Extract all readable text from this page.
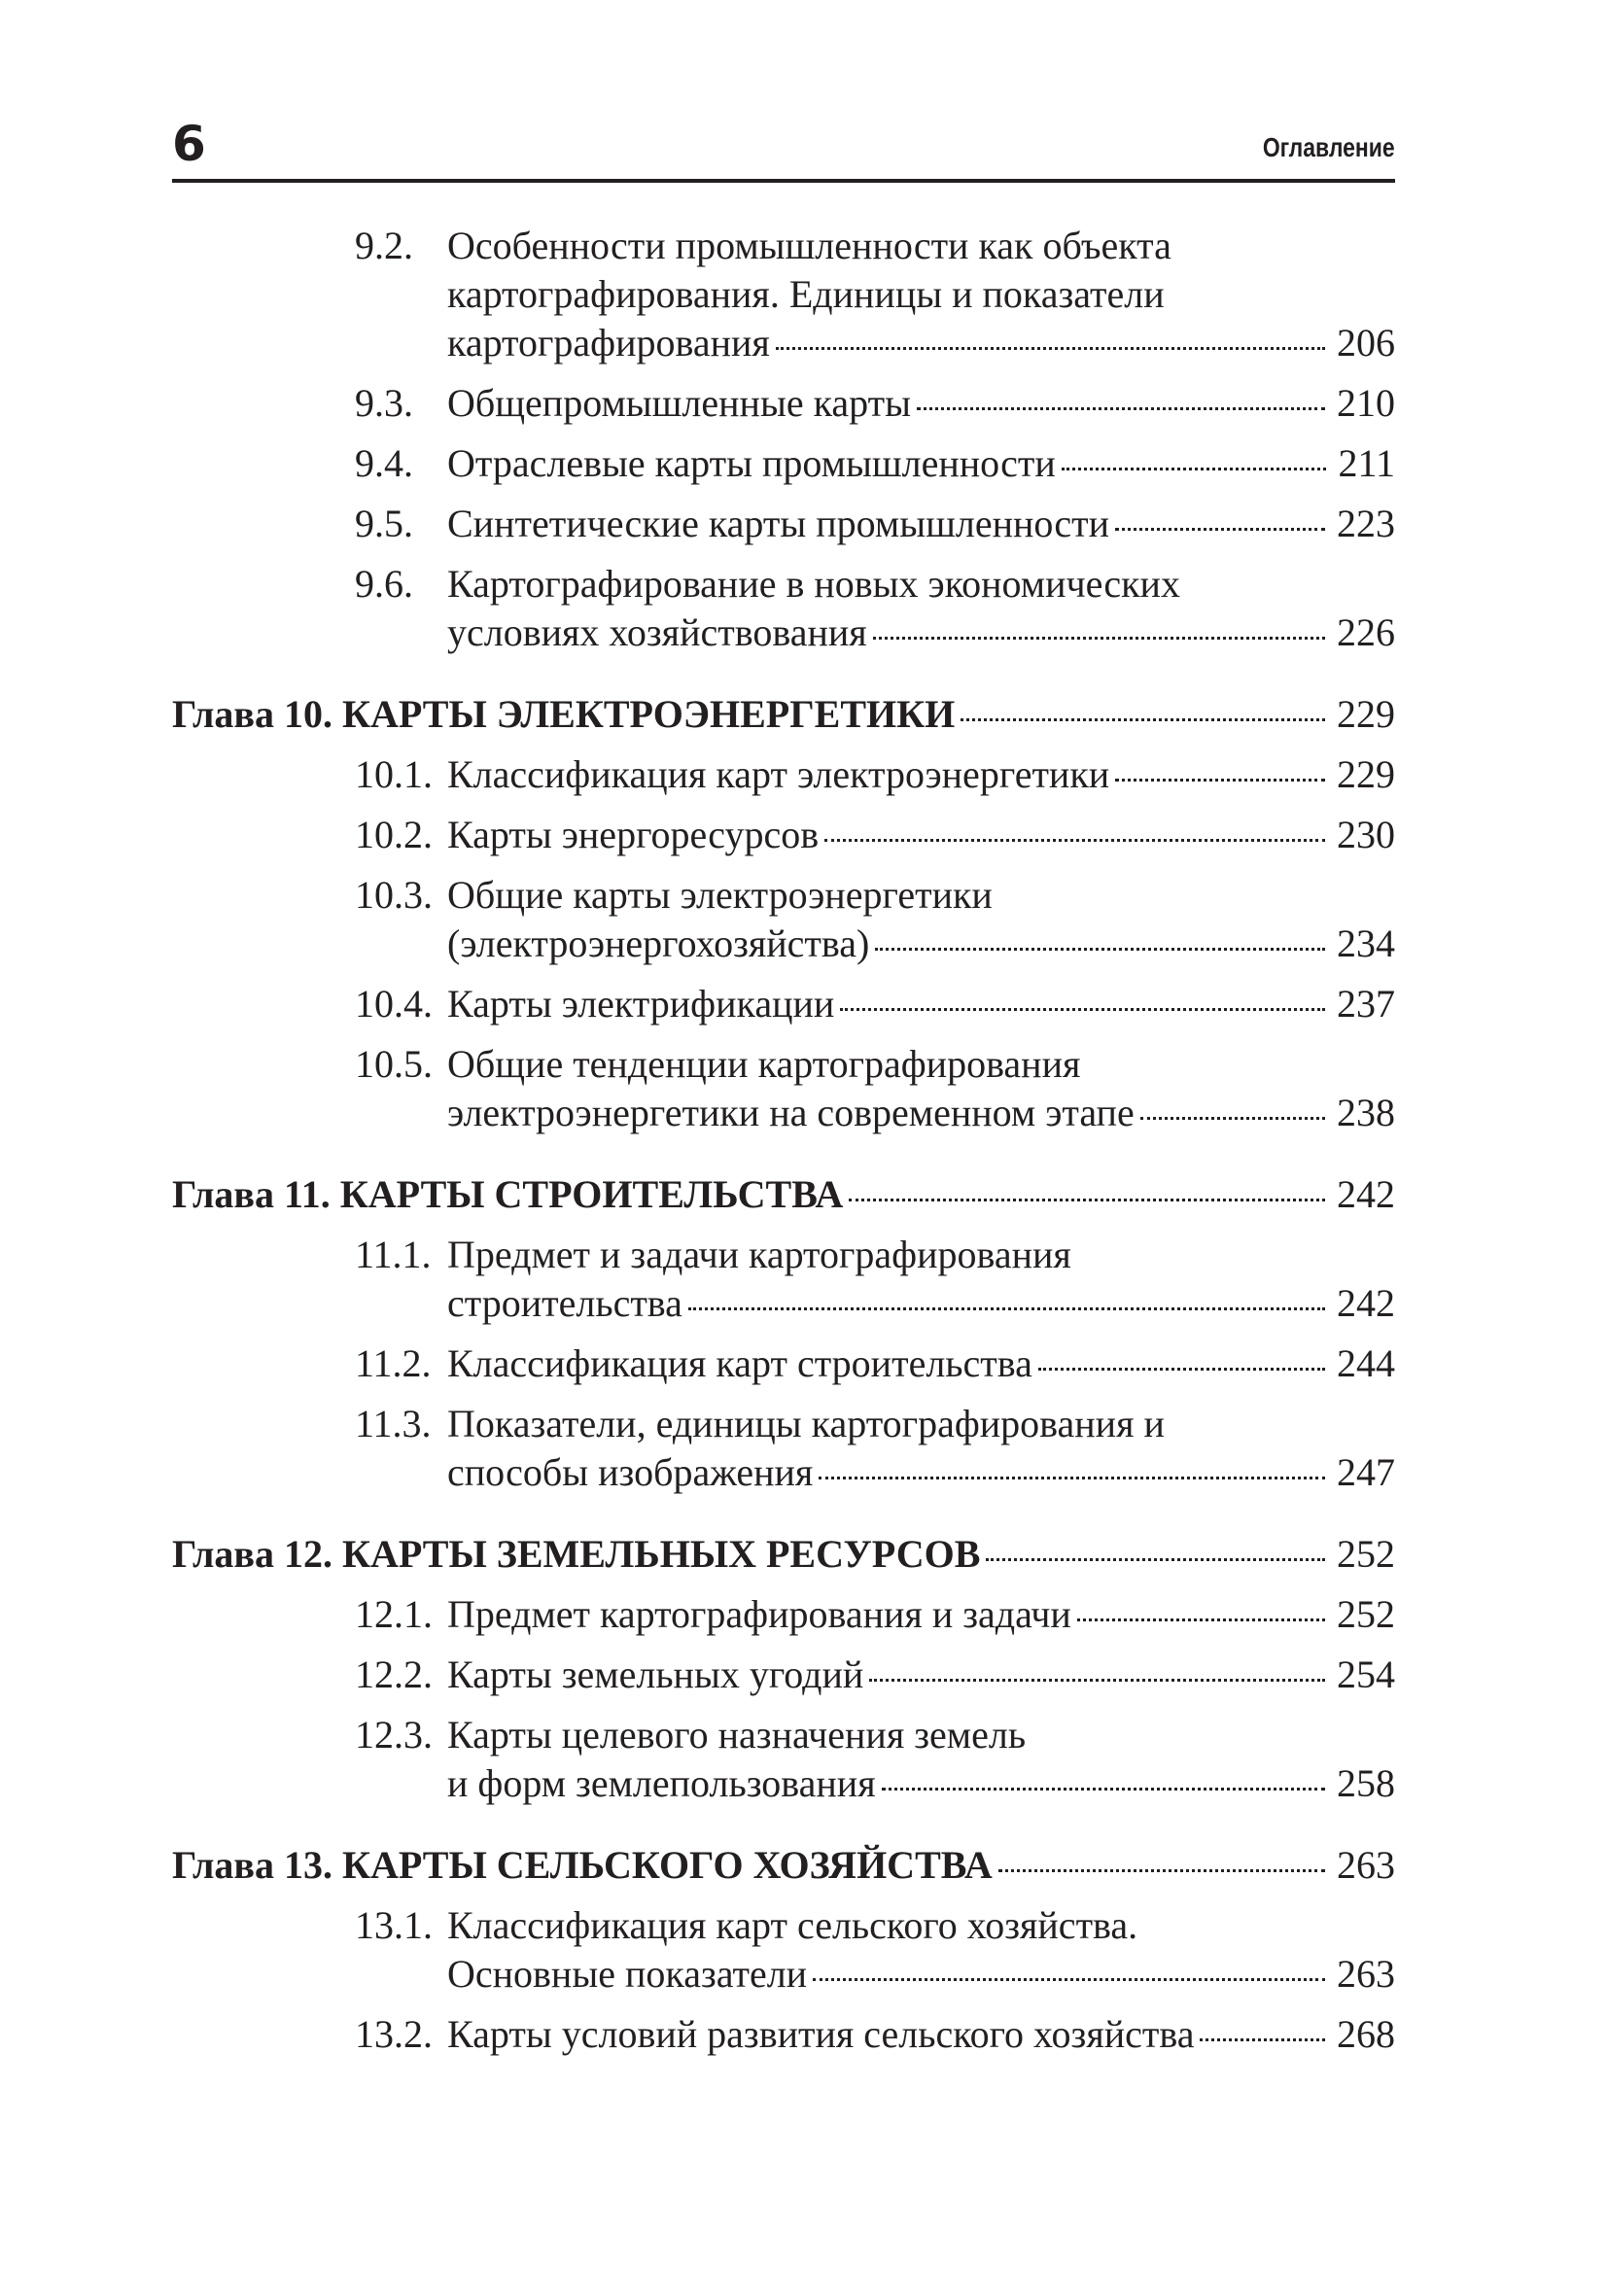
6	Оглавление
9.2. Особенности промышленности как объекта
картографирования. Единицы и показатели
картографирования	206
9.3. Общепромышленные карты	210
9.4. Отраслевые карты промышленности	211
9.5. Синтетические карты промышленности	223
9.6. Картографирование в новых экономических
условиях хозяйствования	226
Глава 10. КАРТЫ ЭЛЕКТРОЭНЕРГЕТИКИ	229
10.1. Классификация карт электроэнергетики	229
10.2. Карты энергоресурсов	230
10.3. Общие карты электроэнергетики
(электроэнергохозяйства)	234
10.4. Карты электрификации	237
10.5. Общие тенденции картографирования
электроэнергетики на современном этапе	238
Глава 11. КАРТЫ СТРОИТЕЛЬСТВА	242
11.1. Предмет и задачи картографирования
строительства	242
11.2. Классификация карт строительства	244
11.3. Показатели, единицы картографирования и
способы изображения	247
Глава 12. КАРТЫ ЗЕМЕЛЬНЫХ РЕСУРСОВ	252
12.1. Предмет картографирования и задачи	252
12.2. Карты земельных угодий	254
12.3. Карты целевого назначения земель
и форм землепользования	258
Глава 13. КАРТЫ СЕЛЬСКОГО ХОЗЯЙСТВА	263
13.1. Классификация карт сельского хозяйства.
Основные показатели	263
13.2. Карты условий развития сельского хозяйства	268
